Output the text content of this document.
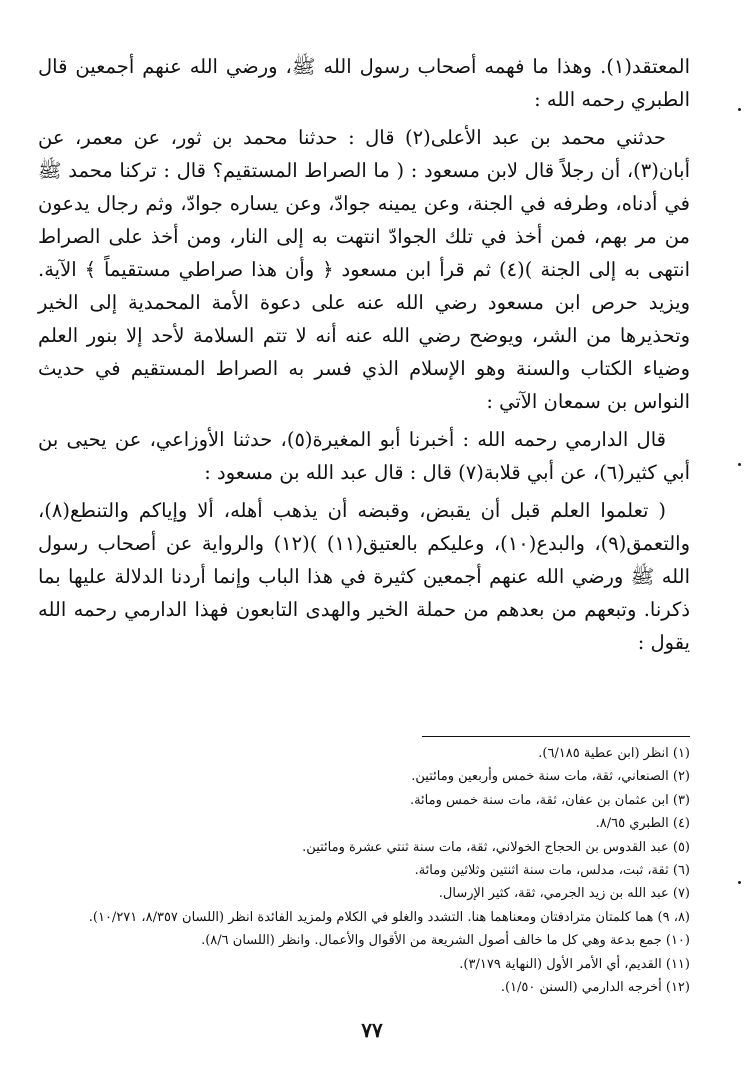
المعتقد(١). وهذا ما فهمه أصحاب رسول الله ﷺ، ورضي الله عنهم أجمعين قال الطبري رحمه الله :

حدثني محمد بن عبد الأعلى(٢) قال : حدثنا محمد بن ثور، عن معمر، عن أبان(٣)، أن رجلاً قال لابن مسعود : ( ما الصراط المستقيم؟ قال : تركنا محمد ﷺ في أدناه، وطرفه في الجنة، وعن يمينه جوادّ، وعن يساره جوادّ، وثم رجال يدعون من مر بهم، فمن أخذ في تلك الجوادّ انتهت به إلى النار، ومن أخذ على الصراط انتهى به إلى الجنة )(٤) ثم قرأ ابن مسعود ﴿ وأن هذا صراطي مستقيماً ﴾ الآية. ويزيد حرص ابن مسعود رضي الله عنه على دعوة الأمة المحمدية إلى الخير وتحذيرها من الشر، ويوضح رضي الله عنه أنه لا تتم السلامة لأحد إلا بنور العلم وضياء الكتاب والسنة وهو الإسلام الذي فسر به الصراط المستقيم في حديث النواس بن سمعان الآتي :

قال الدارمي رحمه الله : أخبرنا أبو المغيرة(٥)، حدثنا الأوزاعي، عن يحيى بن أبي كثير(٦)، عن أبي قلابة(٧) قال : قال عبد الله بن مسعود :

( تعلموا العلم قبل أن يقبض، وقبضه أن يذهب أهله، ألا وإياكم والتنطع(٨)، والتعمق(٩)، والبدع(١٠)، وعليكم بالعتيق(١١) )(١٢) والرواية عن أصحاب رسول الله ﷺ ورضي الله عنهم أجمعين كثيرة في هذا الباب وإنما أردنا الدلالة عليها بما ذكرنا. وتبعهم من بعدهم من حملة الخير والهدى التابعون فهذا الدارمي رحمه الله يقول :

(١) انظر (ابن عطية ٦/١٨٥).
(٢) الصنعاني، ثقة، مات سنة خمس وأربعين ومائتين.
(٣) ابن عثمان بن عفان، ثقة، مات سنة خمس ومائة.
(٤) الطبري ٨/٦٥.
(٥) عبد القدوس بن الحجاج الخولاني، ثقة، مات سنة ثنتي عشرة ومائتين.
(٦) ثقة، ثبت، مدلس، مات سنة اثنتين وثلاثين ومائة.
(٧) عبد الله بن زيد الجرمي، ثقة، كثير الإرسال.
(٨، ٩) هما كلمتان مترادفتان ومعناهما هنا. التشدد والغلو في الكلام ولمزيد الفائدة انظر (اللسان ٨/٣٥٧، ١٠/٢٧١).
(١٠) جمع بدعة وهي كل ما خالف أصول الشريعة من الأقوال والأعمال. وانظر (اللسان ٨/٦).
(١١) القديم، أي الأمر الأول (النهاية ٣/١٧٩).
(١٢) أخرجه الدارمي (السنن ١/٥٠).
٧٧
